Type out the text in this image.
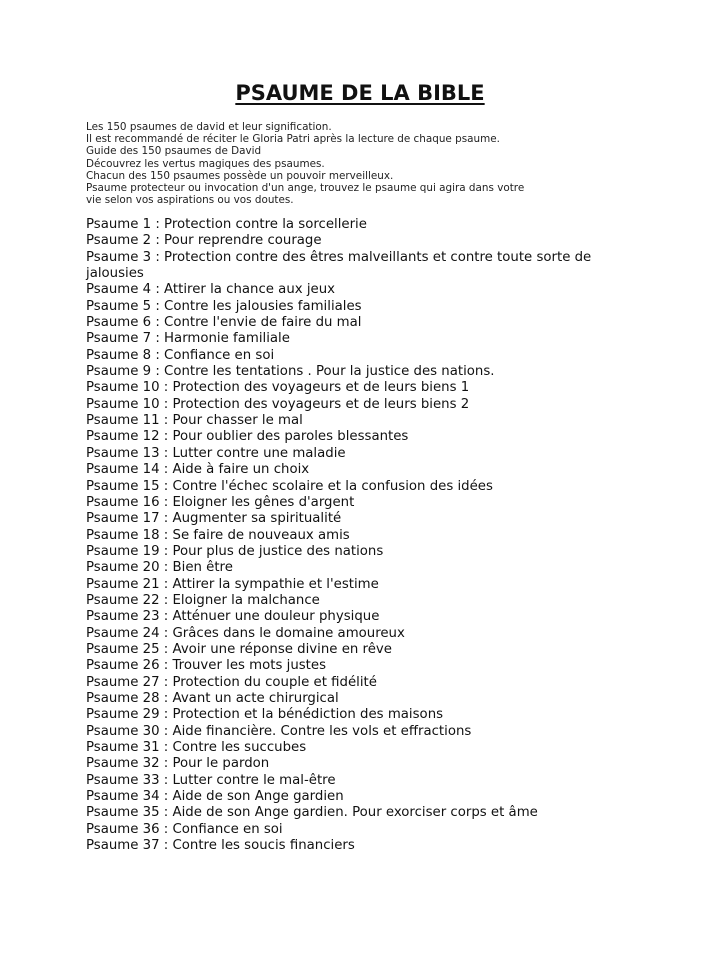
PSAUME DE LA BIBLE
Les 150 psaumes de david et leur signification.
Il est recommandé de réciter le Gloria Patri après la lecture de chaque psaume.
Guide des 150 psaumes de David
Découvrez les vertus magiques des psaumes.
Chacun des 150 psaumes possède un pouvoir merveilleux.
Psaume protecteur ou invocation d'un ange, trouvez le psaume qui agira dans votre
vie selon vos aspirations ou vos doutes.
Psaume 1 : Protection contre la sorcellerie
Psaume 2 : Pour reprendre courage
Psaume 3 : Protection contre des êtres malveillants et contre toute sorte de jalousies
Psaume 4 : Attirer la chance aux jeux
Psaume 5 : Contre les jalousies familiales
Psaume 6 : Contre l'envie de faire du mal
Psaume 7 : Harmonie familiale
Psaume 8 : Confiance en soi
Psaume 9 : Contre les tentations . Pour la justice des nations.
Psaume 10 : Protection des voyageurs et de leurs biens 1
Psaume 10 : Protection des voyageurs et de leurs biens 2
Psaume 11 : Pour chasser le mal
Psaume 12 : Pour oublier des paroles blessantes
Psaume 13 : Lutter contre une maladie
Psaume 14 : Aide à faire un choix
Psaume 15 : Contre l'échec scolaire et la confusion des idées
Psaume 16 : Eloigner les gênes d'argent
Psaume 17 : Augmenter sa spiritualité
Psaume 18 : Se faire de nouveaux amis
Psaume 19 : Pour plus de justice des nations
Psaume 20 : Bien être
Psaume 21 : Attirer la sympathie et l'estime
Psaume 22 : Eloigner la malchance
Psaume 23 : Atténuer une douleur physique
Psaume 24 : Grâces dans le domaine amoureux
Psaume 25 : Avoir une réponse divine en rêve
Psaume 26 : Trouver les mots justes
Psaume 27 : Protection du couple et fidélité
Psaume 28 : Avant un acte chirurgical
Psaume 29 : Protection et la bénédiction des maisons
Psaume 30 : Aide financière. Contre les vols et effractions
Psaume 31 : Contre les succubes
Psaume 32 : Pour le pardon
Psaume 33 : Lutter contre le mal-être
Psaume 34 : Aide de son Ange gardien
Psaume 35 : Aide de son Ange gardien. Pour exorciser corps et âme
Psaume 36 : Confiance en soi
Psaume 37 : Contre les soucis financiers
